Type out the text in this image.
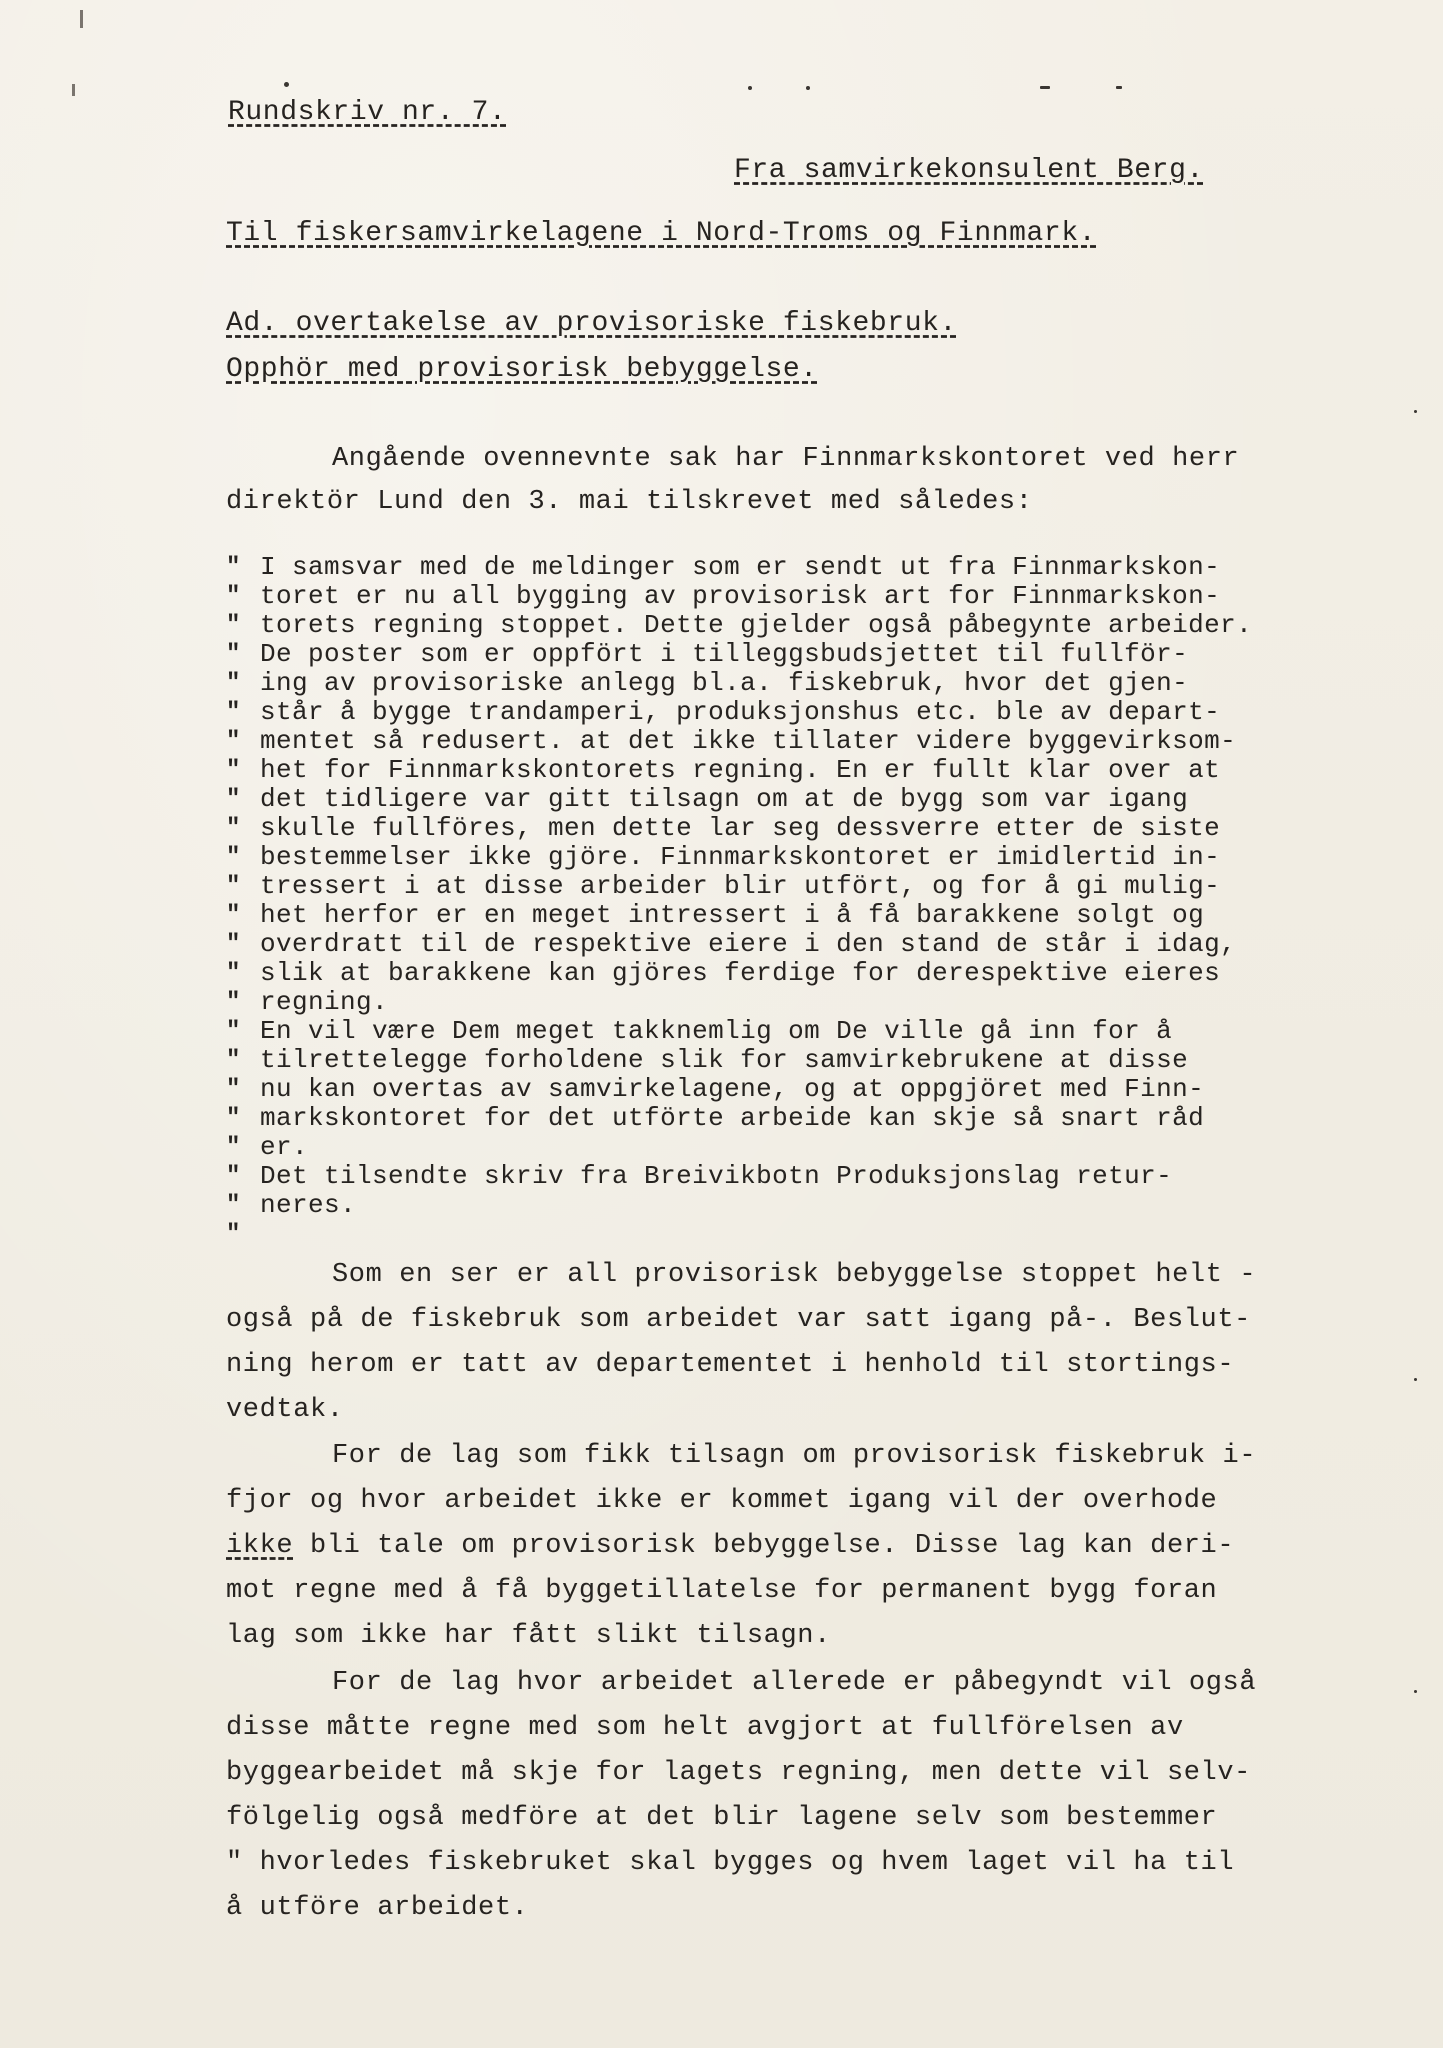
Rundskriv nr. 7.
Fra samvirkekonsulent Berg.
Til fiskersamvirkelagene i Nord-Troms og Finnmark.
Ad. overtakelse av provisoriske fiskebruk.
Opphör med provisorisk bebyggelse.
Angående ovennevnte sak har Finnmarkskontoret ved herr
direktör Lund den 3. mai tilskrevet med således:
"
"
"
"
"
"
"
"
"
"
"
"
"
"
"
"
"
"
"
"
"
"
"
"
I samsvar med de meldinger som er sendt ut fra Finnmarkskon-
toret er nu all bygging av provisorisk art for Finnmarkskon-
torets regning stoppet. Dette gjelder også påbegynte arbeider.
De poster som er oppfört i tilleggsbudsjettet til fullför-
ing av provisoriske anlegg bl.a. fiskebruk, hvor det gjen-
står å bygge trandamperi, produksjonshus etc. ble av depart-
mentet så redusert. at det ikke tillater videre byggevirksom-
het for Finnmarkskontorets regning. En er fullt klar over at
det tidligere var gitt tilsagn om at de bygg som var igang
skulle fullföres, men dette lar seg dessverre etter de siste
bestemmelser ikke gjöre. Finnmarkskontoret er imidlertid in-
tressert i at disse arbeider blir utfört, og for å gi mulig-
het herfor er en meget intressert i å få barakkene solgt og
overdratt til de respektive eiere i den stand de står i idag,
slik at barakkene kan gjöres ferdige for derespektive eieres
regning.
En vil være Dem meget takknemlig om De ville gå inn for å
tilrettelegge forholdene slik for samvirkebrukene at disse
nu kan overtas av samvirkelagene, og at oppgjöret med Finn-
markskontoret for det utförte arbeide kan skje så snart råd
er.
Det tilsendte skriv fra Breivikbotn Produksjonslag retur-
neres.
Som en ser er all provisorisk bebyggelse stoppet helt -
også på de fiskebruk som arbeidet var satt igang på-. Beslut-
ning herom er tatt av departementet i henhold til stortings-
vedtak.
For de lag som fikk tilsagn om provisorisk fiskebruk i-
fjor og hvor arbeidet ikke er kommet igang vil der overhode
ikke bli tale om provisorisk bebyggelse. Disse lag kan deri-
mot regne med å få byggetillatelse for permanent bygg foran
lag som ikke har fått slikt tilsagn.
For de lag hvor arbeidet allerede er påbegyndt vil også
disse måtte regne med som helt avgjort at fullförelsen av
byggearbeidet må skje for lagets regning, men dette vil selv-
fölgelig også medföre at det blir lagene selv som bestemmer
" hvorledes fiskebruket skal bygges og hvem laget vil ha til
å utföre arbeidet.
